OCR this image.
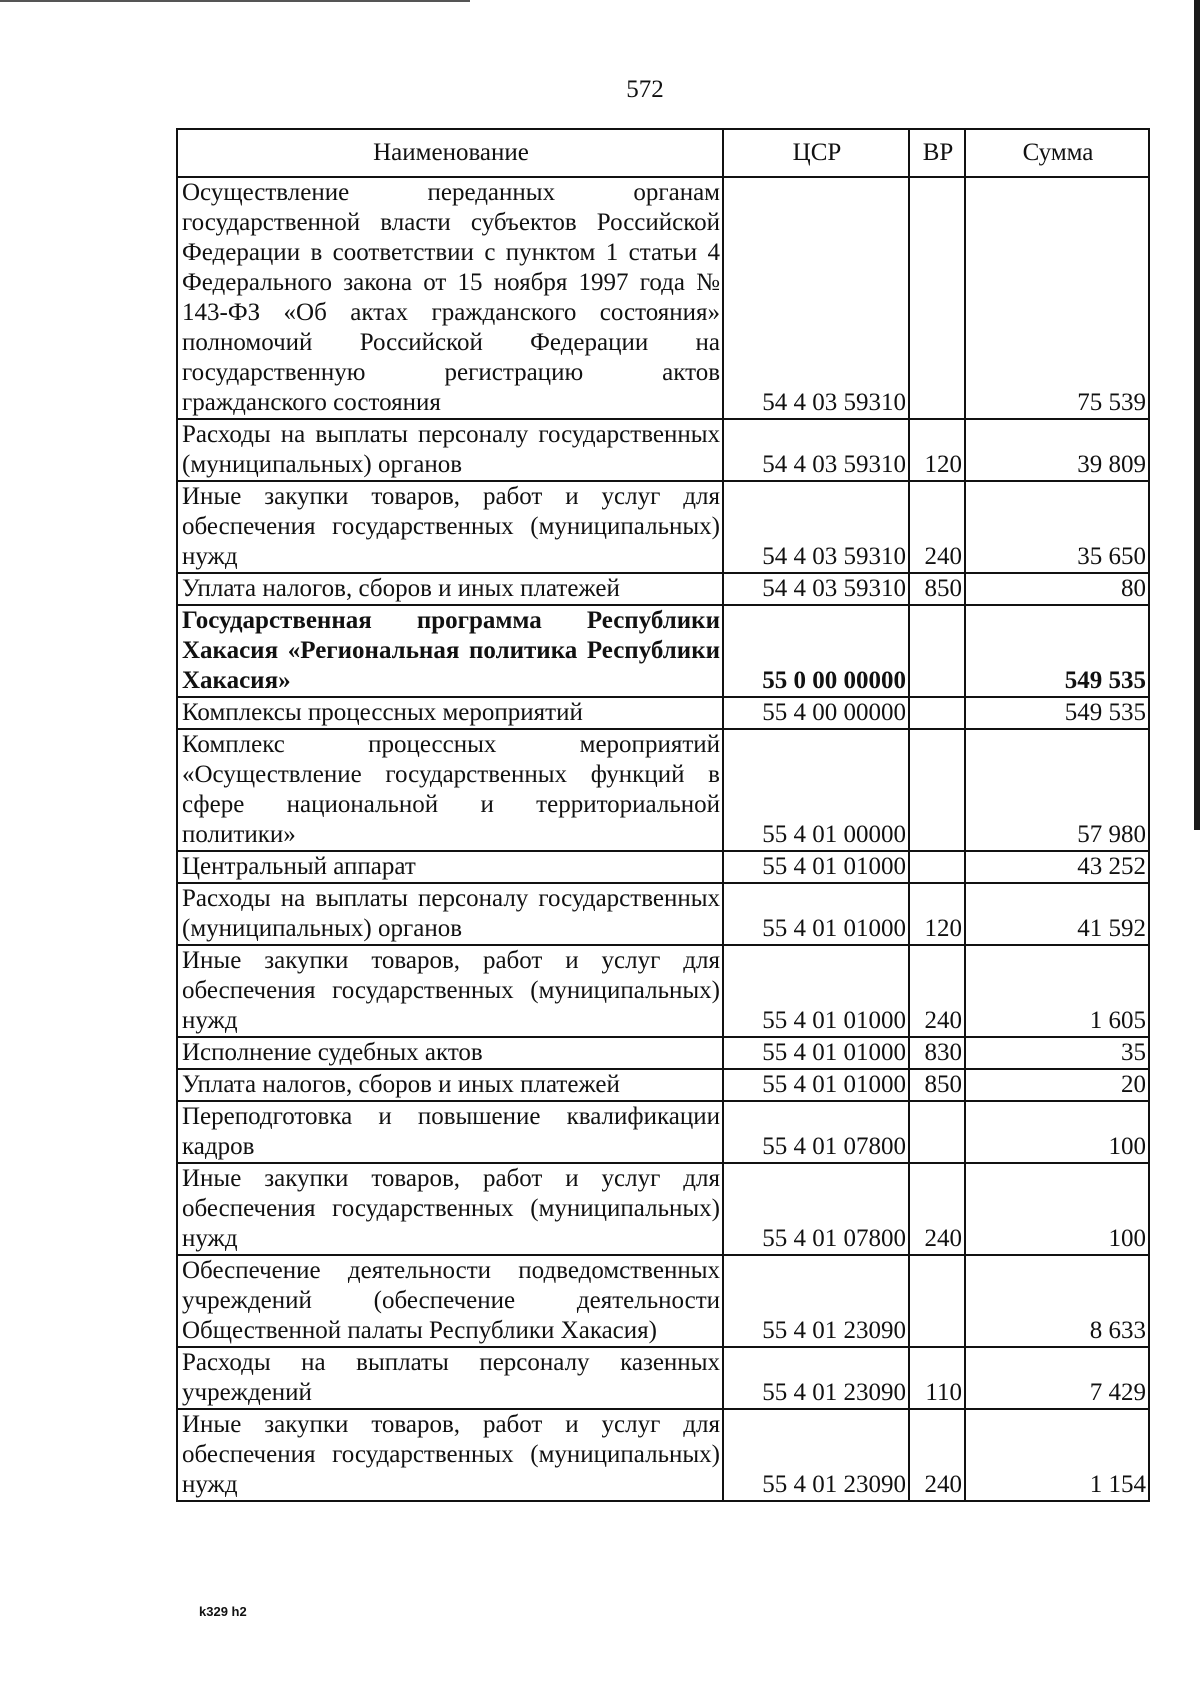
572
Наименование	ЦСР	ВР	Сумма
Осуществление переданных органам государственной власти субъектов Российской Федерации в соответствии с пунктом 1 статьи 4 Федерального закона от 15 ноября 1997 года № 143-ФЗ «Об актах гражданского состояния» полномочий Российской Федерации на государственную регистрацию актов гражданского состояния	54 4 03 59310		75 539
Расходы на выплаты персоналу государственных (муниципальных) органов	54 4 03 59310	120	39 809
Иные закупки товаров, работ и услуг для обеспечения государственных (муниципальных) нужд	54 4 03 59310	240	35 650
Уплата налогов, сборов и иных платежей	54 4 03 59310	850	80
Государственная программа Республики Хакасия «Региональная политика Республики Хакасия»	55 0 00 00000		549 535
Комплексы процессных мероприятий	55 4 00 00000		549 535
Комплекс процессных мероприятий «Осуществление государственных функций в сфере национальной и территориальной политики»	55 4 01 00000		57 980
Центральный аппарат	55 4 01 01000		43 252
Расходы на выплаты персоналу государственных (муниципальных) органов	55 4 01 01000	120	41 592
Иные закупки товаров, работ и услуг для обеспечения государственных (муниципальных) нужд	55 4 01 01000	240	1 605
Исполнение судебных актов	55 4 01 01000	830	35
Уплата налогов, сборов и иных платежей	55 4 01 01000	850	20
Переподготовка и повышение квалификации кадров	55 4 01 07800		100
Иные закупки товаров, работ и услуг для обеспечения государственных (муниципальных) нужд	55 4 01 07800	240	100
Обеспечение деятельности подведомственных учреждений (обеспечение деятельности Общественной палаты Республики Хакасия)	55 4 01 23090		8 633
Расходы на выплаты персоналу казенных учреждений	55 4 01 23090	110	7 429
Иные закупки товаров, работ и услуг для обеспечения государственных (муниципальных) нужд	55 4 01 23090	240	1 154
k329 h2
